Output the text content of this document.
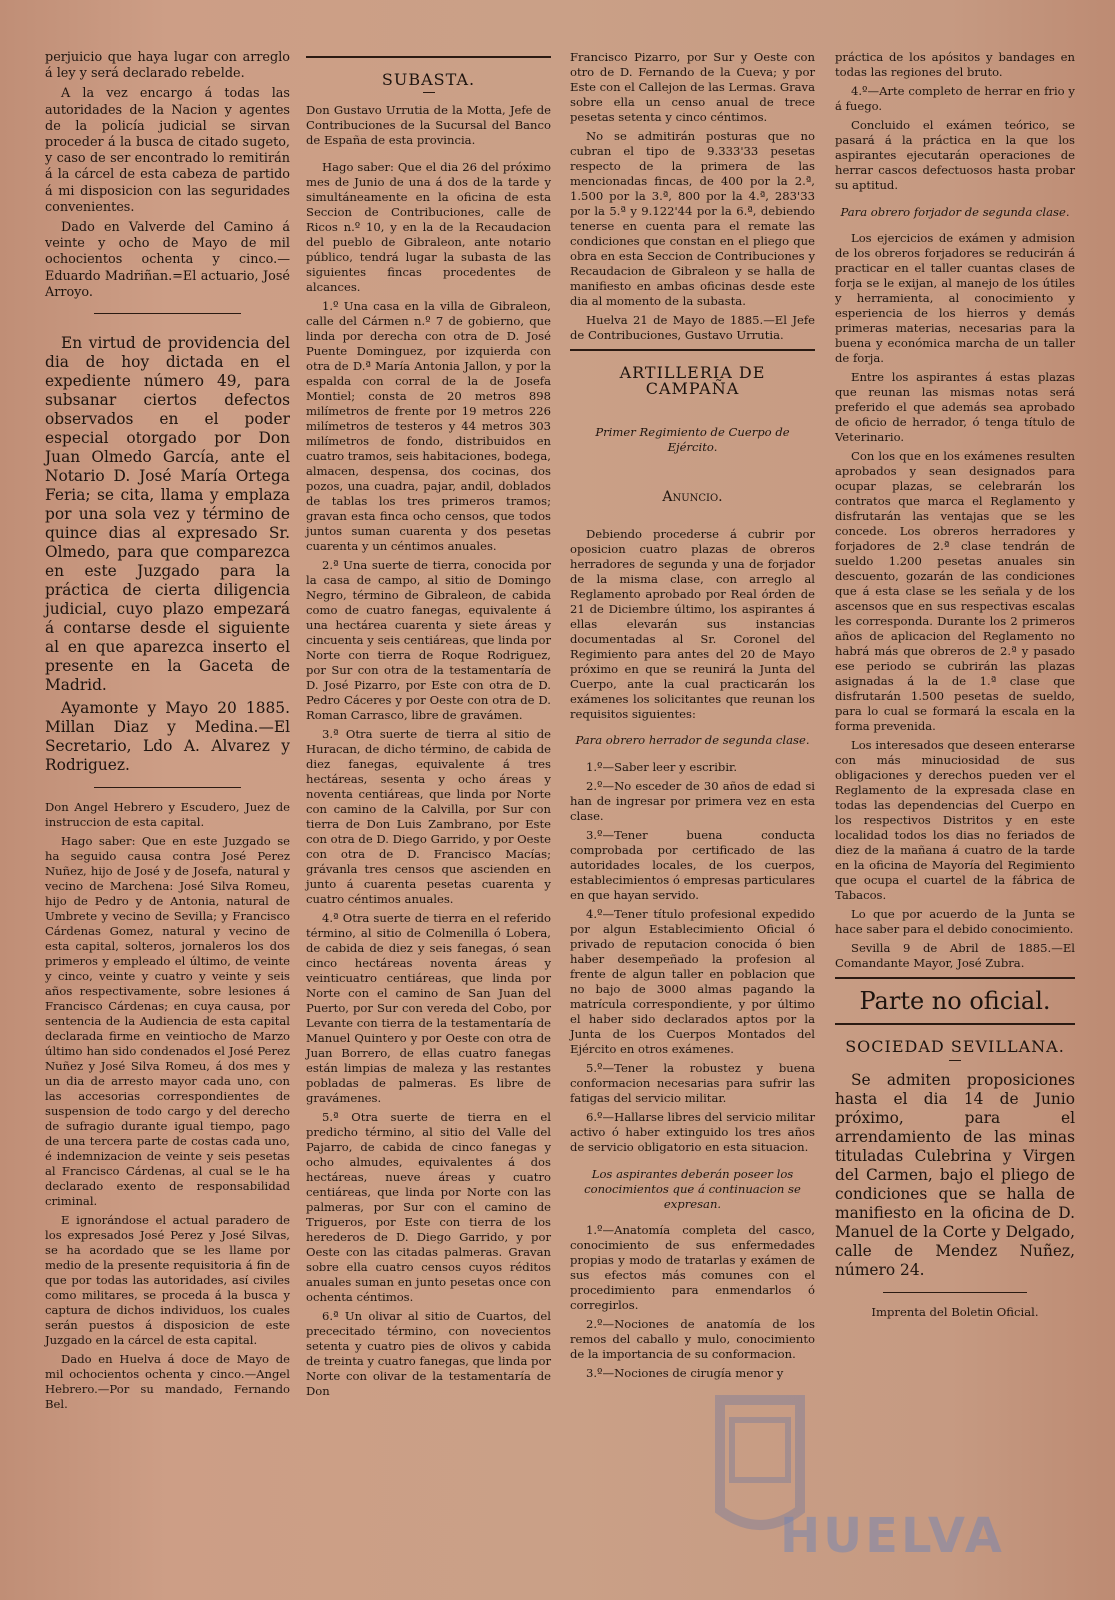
perjuicio que haya lugar con arreglo á ley y será declarado rebelde.

A la vez encargo á todas las autoridades de la Nacion y agentes de la policía judicial se sirvan proceder á la busca de citado sugeto, y caso de ser encontrado lo remitirán á la cárcel de esta cabeza de partido á mi disposicion con las seguridades convenientes.

Dado en Valverde del Camino á veinte y ocho de Mayo de mil ochocientos ochenta y cinco.—Eduardo Madriñan.=El actuario, José Arroyo.

En virtud de providencia del dia de hoy dictada en el expediente número 49, para subsanar ciertos defectos observados en el poder especial otorgado por Don Juan Olmedo García, ante el Notario D. José María Ortega Feria; se cita, llama y emplaza por una sola vez y término de quince dias al expresado Sr. Olmedo, para que comparezca en este Juzgado para la práctica de cierta diligencia judicial, cuyo plazo empezará á contarse desde el siguiente al en que aparezca inserto el presente en la Gaceta de Madrid.

Ayamonte y Mayo 20 1885. Millan Diaz y Medina.—El Secretario, Ldo A. Alvarez y Rodriguez.

Don Angel Hebrero y Escudero, Juez de instruccion de esta capital.

Hago saber: Que en este Juzgado se ha seguido causa contra José Perez Nuñez, hijo de José y de Josefa, natural y vecino de Marchena: José Silva Romeu, hijo de Pedro y de Antonia, natural de Umbrete y vecino de Sevilla; y Francisco Cárdenas Gomez, natural y vecino de esta capital, solteros, jornaleros los dos primeros y empleado el último, de veinte y cinco, veinte y cuatro y veinte y seis años respectivamente, sobre lesiones á Francisco Cárdenas; en cuya causa, por sentencia de la Audiencia de esta capital declarada firme en veintiocho de Marzo último han sido condenados el José Perez Nuñez y José Silva Romeu, á dos mes y un dia de arresto mayor cada uno, con las accesorias correspondientes de suspension de todo cargo y del derecho de sufragio durante igual tiempo, pago de una tercera parte de costas cada uno, é indemnizacion de veinte y seis pesetas al Francisco Cárdenas, al cual se le ha declarado exento de responsabilidad criminal.

E ignorándose el actual paradero de los expresados José Perez y José Silvas, se ha acordado que se les llame por medio de la presente requisitoria á fin de que por todas las autoridades, así civiles como militares, se proceda á la busca y captura de dichos individuos, los cuales serán puestos á disposicion de este Juzgado en la cárcel de esta capital.

Dado en Huelva á doce de Mayo de mil ochocientos ochenta y cinco.—Angel Hebrero.—Por su mandado, Fernando Bel.

SUBASTA.

Don Gustavo Urrutia de la Motta, Jefe de Contribuciones de la Sucursal del Banco de España de esta provincia.

Hago saber: Que el dia 26 del próximo mes de Junio de una á dos de la tarde y simultáneamente en la oficina de esta Seccion de Contribuciones, calle de Ricos n.º 10, y en la de la Recaudacion del pueblo de Gibraleon, ante notario público, tendrá lugar la subasta de las siguientes fincas procedentes de alcances.

1.º Una casa en la villa de Gibraleon, calle del Cármen n.º 7 de gobierno, que linda por derecha con otra de D. José Puente Dominguez, por izquierda con otra de D.ª María Antonia Jallon, y por la espalda con corral de la de Josefa Montiel; consta de 20 metros 898 milímetros de frente por 19 metros 226 milímetros de testeros y 44 metros 303 milímetros de fondo, distribuidos en cuatro tramos, seis habitaciones, bodega, almacen, despensa, dos cocinas, dos pozos, una cuadra, pajar, andil, doblados de tablas los tres primeros tramos; gravan esta finca ocho censos, que todos juntos suman cuarenta y dos pesetas cuarenta y un céntimos anuales.

2.ª Una suerte de tierra, conocida por la casa de campo, al sitio de Domingo Negro, término de Gibraleon, de cabida como de cuatro fanegas, equivalente á una hectárea cuarenta y siete áreas y cincuenta y seis centiáreas, que linda por Norte con tierra de Roque Rodriguez, por Sur con otra de la testamentaría de D. José Pizarro, por Este con otra de D. Pedro Cáceres y por Oeste con otra de D. Roman Carrasco, libre de gravámen.

3.ª Otra suerte de tierra al sitio de Huracan, de dicho término, de cabida de diez fanegas, equivalente á tres hectáreas, sesenta y ocho áreas y noventa centiáreas, que linda por Norte con camino de la Calvilla, por Sur con tierra de Don Luis Zambrano, por Este con otra de D. Diego Garrido, y por Oeste con otra de D. Francisco Macías; grávanla tres censos que ascienden en junto á cuarenta pesetas cuarenta y cuatro céntimos anuales.

4.ª Otra suerte de tierra en el referido término, al sitio de Colmenilla ó Lobera, de cabida de diez y seis fanegas, ó sean cinco hectáreas noventa áreas y veinticuatro centiáreas, que linda por Norte con el camino de San Juan del Puerto, por Sur con vereda del Cobo, por Levante con tierra de la testamentaría de Manuel Quintero y por Oeste con otra de Juan Borrero, de ellas cuatro fanegas están limpias de maleza y las restantes pobladas de palmeras. Es libre de gravámenes.

5.ª Otra suerte de tierra en el predicho término, al sitio del Valle del Pajarro, de cabida de cinco fanegas y ocho almudes, equivalentes á dos hectáreas, nueve áreas y cuatro centiáreas, que linda por Norte con las palmeras, por Sur con el camino de Trigueros, por Este con tierra de los herederos de D. Diego Garrido, y por Oeste con las citadas palmeras. Gravan sobre ella cuatro censos cuyos réditos anuales suman en junto pesetas once con ochenta céntimos.

6.ª Un olivar al sitio de Cuartos, del prececitado término, con novecientos setenta y cuatro pies de olivos y cabida de treinta y cuatro fanegas, que linda por Norte con olivar de la testamentaría de Don

Francisco Pizarro, por Sur y Oeste con otro de D. Fernando de la Cueva; y por Este con el Callejon de las Lermas. Grava sobre ella un censo anual de trece pesetas setenta y cinco céntimos.

No se admitirán posturas que no cubran el tipo de 9.333'33 pesetas respecto de la primera de las mencionadas fincas, de 400 por la 2.ª, 1.500 por la 3.ª, 800 por la 4.ª, 283'33 por la 5.ª y 9.122'44 por la 6.ª, debiendo tenerse en cuenta para el remate las condiciones que constan en el pliego que obra en esta Seccion de Contribuciones y Recaudacion de Gibraleon y se halla de manifiesto en ambas oficinas desde este dia al momento de la subasta.

Huelva 21 de Mayo de 1885.—El Jefe de Contribuciones, Gustavo Urrutia.

ARTILLERIA DE CAMPAÑA

Primer Regimiento de Cuerpo de Ejército.

Anuncio.

Debiendo procederse á cubrir por oposicion cuatro plazas de obreros herradores de segunda y una de forjador de la misma clase, con arreglo al Reglamento aprobado por Real órden de 21 de Diciembre último, los aspirantes á ellas elevarán sus instancias documentadas al Sr. Coronel del Regimiento para antes del 20 de Mayo próximo en que se reunirá la Junta del Cuerpo, ante la cual practicarán los exámenes los solicitantes que reunan los requisitos siguientes:

Para obrero herrador de segunda clase.

1.º—Saber leer y escribir.

2.º—No esceder de 30 años de edad si han de ingresar por primera vez en esta clase.

3.º—Tener buena conducta comprobada por certificado de las autoridades locales, de los cuerpos, establecimientos ó empresas particulares en que hayan servido.

4.º—Tener título profesional expedido por algun Establecimiento Oficial ó privado de reputacion conocida ó bien haber desempeñado la profesion al frente de algun taller en poblacion que no bajo de 3000 almas pagando la matrícula correspondiente, y por último el haber sido declarados aptos por la Junta de los Cuerpos Montados del Ejército en otros exámenes.

5.º—Tener la robustez y buena conformacion necesarias para sufrir las fatigas del servicio militar.

6.º—Hallarse libres del servicio militar activo ó haber extinguido los tres años de servicio obligatorio en esta situacion.

Los aspirantes deberán poseer los conocimientos que á continuacion se expresan.

1.º—Anatomía completa del casco, conocimiento de sus enfermedades propias y modo de tratarlas y exámen de sus efectos más comunes con el procedimiento para enmendarlos ó corregirlos.

2.º—Nociones de anatomía de los remos del caballo y mulo, conocimiento de la importancia de su conformacion.

3.º—Nociones de cirugía menor y

práctica de los apósitos y bandages en todas las regiones del bruto.

4.º—Arte completo de herrar en frio y á fuego.

Concluido el exámen teórico, se pasará á la práctica en la que los aspirantes ejecutarán operaciones de herrar cascos defectuosos hasta probar su aptitud.

Para obrero forjador de segunda clase.

Los ejercicios de exámen y admision de los obreros forjadores se reducirán á practicar en el taller cuantas clases de forja se le exijan, al manejo de los útiles y herramienta, al conocimiento y esperiencia de los hierros y demás primeras materias, necesarias para la buena y económica marcha de un taller de forja.

Entre los aspirantes á estas plazas que reunan las mismas notas será preferido el que además sea aprobado de oficio de herrador, ó tenga título de Veterinario.

Con los que en los exámenes resulten aprobados y sean designados para ocupar plazas, se celebrarán los contratos que marca el Reglamento y disfrutarán las ventajas que se les concede. Los obreros herradores y forjadores de 2.ª clase tendrán de sueldo 1.200 pesetas anuales sin descuento, gozarán de las condiciones que á esta clase se les señala y de los ascensos que en sus respectivas escalas les corresponda. Durante los 2 primeros años de aplicacion del Reglamento no habrá más que obreros de 2.ª y pasado ese periodo se cubrirán las plazas asignadas á la de 1.ª clase que disfrutarán 1.500 pesetas de sueldo, para lo cual se formará la escala en la forma prevenida.

Los interesados que deseen enterarse con más minuciosidad de sus obligaciones y derechos pueden ver el Reglamento de la expresada clase en todas las dependencias del Cuerpo en los respectivos Distritos y en este localidad todos los dias no feriados de diez de la mañana á cuatro de la tarde en la oficina de Mayoría del Regimiento que ocupa el cuartel de la fábrica de Tabacos.

Lo que por acuerdo de la Junta se hace saber para el debido conocimiento.

Sevilla 9 de Abril de 1885.—El Comandante Mayor, José Zubra.

Parte no oficial.

SOCIEDAD SEVILLANA.

Se admiten proposiciones hasta el dia 14 de Junio próximo, para el arrendamiento de las minas tituladas Culebrina y Virgen del Carmen, bajo el pliego de condiciones que se halla de manifiesto en la oficina de D. Manuel de la Corte y Delgado, calle de Mendez Nuñez, número 24.

Imprenta del Boletin Oficial.

HUELVA
